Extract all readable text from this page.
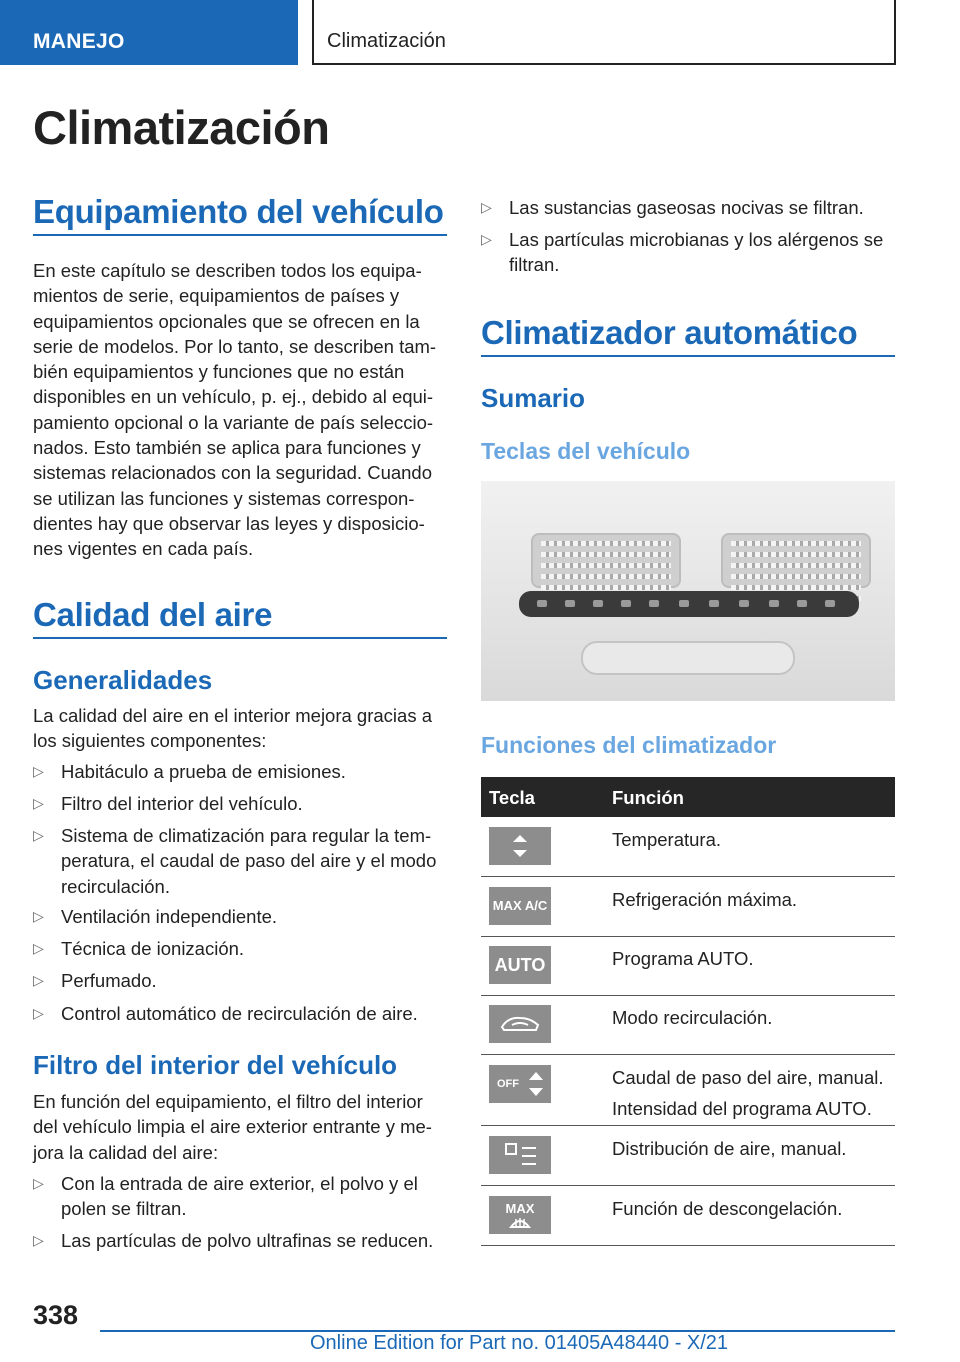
MANEJO	Climatización
Climatización
Equipamiento del vehículo
En este capítulo se describen todos los equipa-
mientos de serie, equipamientos de países y
equipamientos opcionales que se ofrecen en la
serie de modelos. Por lo tanto, se describen tam-
bién equipamientos y funciones que no están
disponibles en un vehículo, p. ej., debido al equi-
pamiento opcional o la variante de país seleccio-
nados. Esto también se aplica para funciones y
sistemas relacionados con la seguridad. Cuando
se utilizan las funciones y sistemas correspon-
dientes hay que observar las leyes y disposicio-
nes vigentes en cada país.
Calidad del aire
Generalidades
La calidad del aire en el interior mejora gracias a
los siguientes componentes:
▷ Habitáculo a prueba de emisiones.
▷ Filtro del interior del vehículo.
▷ Sistema de climatización para regular la tem-
peratura, el caudal de paso del aire y el modo
recirculación.
▷ Ventilación independiente.
▷ Técnica de ionización.
▷ Perfumado.
▷ Control automático de recirculación de aire.
Filtro del interior del vehículo
En función del equipamiento, el filtro del interior
del vehículo limpia el aire exterior entrante y me-
jora la calidad del aire:
▷ Con la entrada de aire exterior, el polvo y el
polen se filtran.
▷ Las partículas de polvo ultrafinas se reducen.
▷ Las sustancias gaseosas nocivas se filtran.
▷ Las partículas microbianas y los alérgenos se
filtran.
Climatizador automático
Sumario
Teclas del vehículo
Funciones del climatizador
Tecla	Función
Temperatura.
MAX A/C	Refrigeración máxima.
AUTO	Programa AUTO.
Modo recirculación.
OFF	Caudal de paso del aire, manual.
Intensidad del programa AUTO.
Distribución de aire, manual.
MAX	Función de descongelación.
338
Online Edition for Part no. 01405A48440 - X/21
